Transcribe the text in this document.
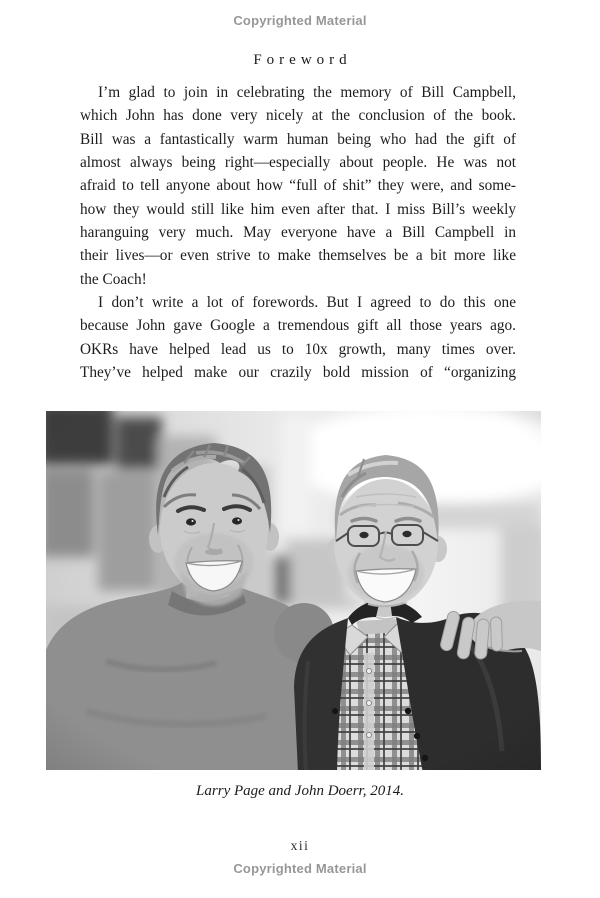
Copyrighted Material
Foreword
I’m glad to join in celebrating the memory of Bill Campbell,
which John has done very nicely at the conclusion of the book.
Bill was a fantastically warm human being who had the gift of
almost always being right—especially about people. He was not
afraid to tell anyone about how “full of shit” they were, and some-
how they would still like him even after that. I miss Bill’s weekly
haranguing very much. May everyone have a Bill Campbell in
their lives—or even strive to make themselves be a bit more like
the Coach!
I don’t write a lot of forewords. But I agreed to do this one
because John gave Google a tremendous gift all those years ago.
OKRs have helped lead us to 10x growth, many times over.
They’ve helped make our crazily bold mission of “organizing
Larry Page and John Doerr, 2014.
xii
Copyrighted Material
